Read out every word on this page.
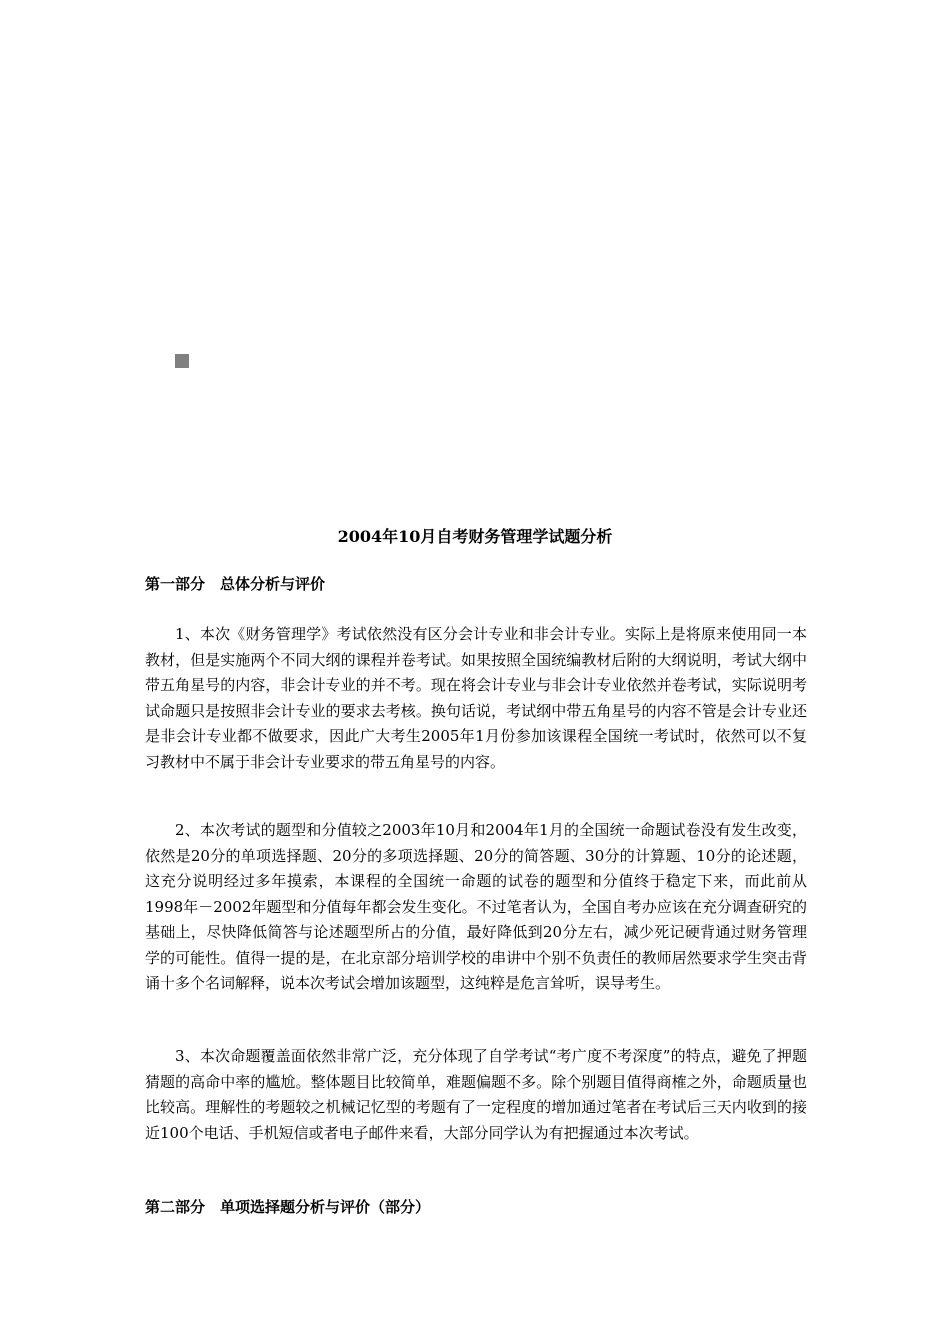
2004年10月自考财务管理学试题分析
第一部分　总体分析与评价

1、本次《财务管理学》考试依然没有区分会计专业和非会计专业。实际上是将原来使用同一本教材，但是实施两个不同大纲的课程并卷考试。如果按照全国统编教材后附的大纲说明，考试大纲中带五角星号的内容，非会计专业的并不考。现在将会计专业与非会计专业依然并卷考试，实际说明考试命题只是按照非会计专业的要求去考核。换句话说，考试纲中带五角星号的内容不管是会计专业还是非会计专业都不做要求，因此广大考生2005年1月份参加该课程全国统一考试时，依然可以不复习教材中不属于非会计专业要求的带五角星号的内容。

2、本次考试的题型和分值较之2003年10月和2004年1月的全国统一命题试卷没有发生改变，依然是20分的单项选择题、20分的多项选择题、20分的简答题、30分的计算题、10分的论述题，这充分说明经过多年摸索，本课程的全国统一命题的试卷的题型和分值终于稳定下来，而此前从1998年－2002年题型和分值每年都会发生变化。不过笔者认为，全国自考办应该在充分调查研究的基础上，尽快降低简答与论述题型所占的分值，最好降低到20分左右，减少死记硬背通过财务管理学的可能性。值得一提的是，在北京部分培训学校的串讲中个别不负责任的教师居然要求学生突击背诵十多个名词解释，说本次考试会增加该题型，这纯粹是危言耸听，误导考生。

3、本次命题覆盖面依然非常广泛，充分体现了自学考试“考广度不考深度”的特点，避免了押题猜题的高命中率的尴尬。整体题目比较简单，难题偏题不多。除个别题目值得商榷之外，命题质量也比较高。理解性的考题较之机械记忆型的考题有了一定程度的增加通过笔者在考试后三天内收到的接近100个电话、手机短信或者电子邮件来看，大部分同学认为有把握通过本次考试。

第二部分　单项选择题分析与评价（部分）
